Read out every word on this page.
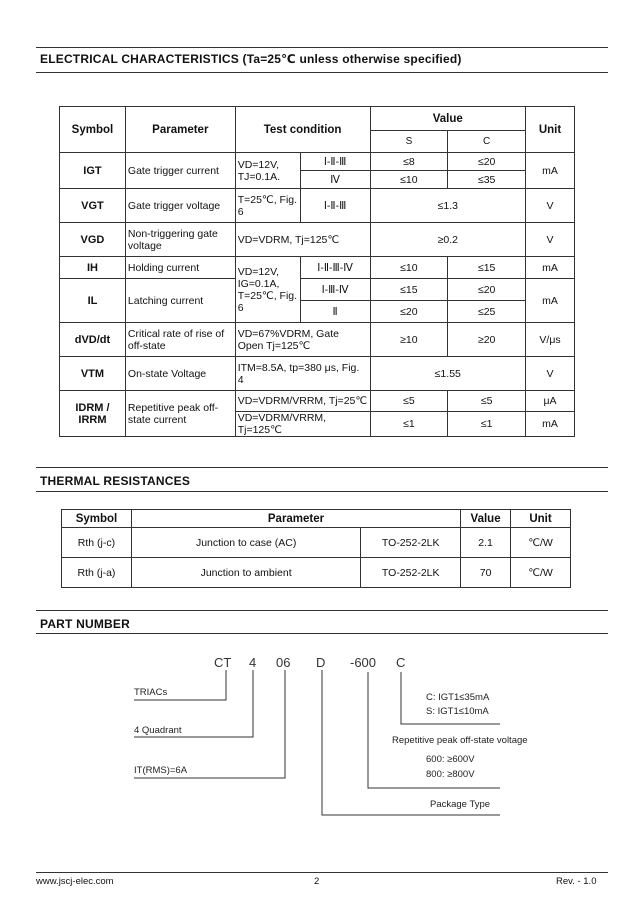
ELECTRICAL CHARACTERISTICS (Ta=25℃ unless otherwise specified)
Symbol	Parameter	Test condition		Value		Unit
				S	C	
IGT	Gate trigger current	VD=12V, TJ=0.1A.	Ⅰ-Ⅱ-Ⅲ	≤8	≤20	mA
			Ⅳ	≤10	≤35	
VGT	Gate trigger voltage	T=25℃, Fig. 6	Ⅰ-Ⅱ-Ⅲ	≤1.3		V
VGD	Non-triggering gate voltage	VD=VDRM, Tj=125℃		≥0.2		V
IH	Holding current	VD=12V, IG=0.1A, T=25℃, Fig. 6	Ⅰ-Ⅱ-Ⅲ-Ⅳ	≤10	≤15	mA
IL	Latching current		Ⅰ-Ⅲ-Ⅳ	≤15	≤20	mA
			Ⅱ	≤20	≤25	
dVD/dt	Critical rate of rise of off-state	VD=67%VDRM, Gate Open Tj=125℃		≥10	≥20	V/μs
VTM	On-state Voltage	ITM=8.5A, tp=380 μs, Fig. 4		≤1.55		V
IDRM / IRRM	Repetitive peak off-state current	VD=VDRM/VRRM, Tj=25℃		≤5	≤5	μA
		VD=VDRM/VRRM, Tj=125℃		≤1	≤1	mA
THERMAL RESISTANCES
Symbol	Parameter		Value	Unit
Rth (j-c)	Junction to case (AC)	TO-252-2LK	2.1	℃/W
Rth (j-a)	Junction to ambient	TO-252-2LK	70	℃/W
PART NUMBER
CT 4 06 D -600 C
TRIACs
4 Quadrant
IT(RMS)=6A
C: IGT1≤35mA
S: IGT1≤10mA
Repetitive peak off-state voltage
600: ≥600V
800: ≥800V
Package Type
www.jscj-elec.com	2	Rev. - 1.0
